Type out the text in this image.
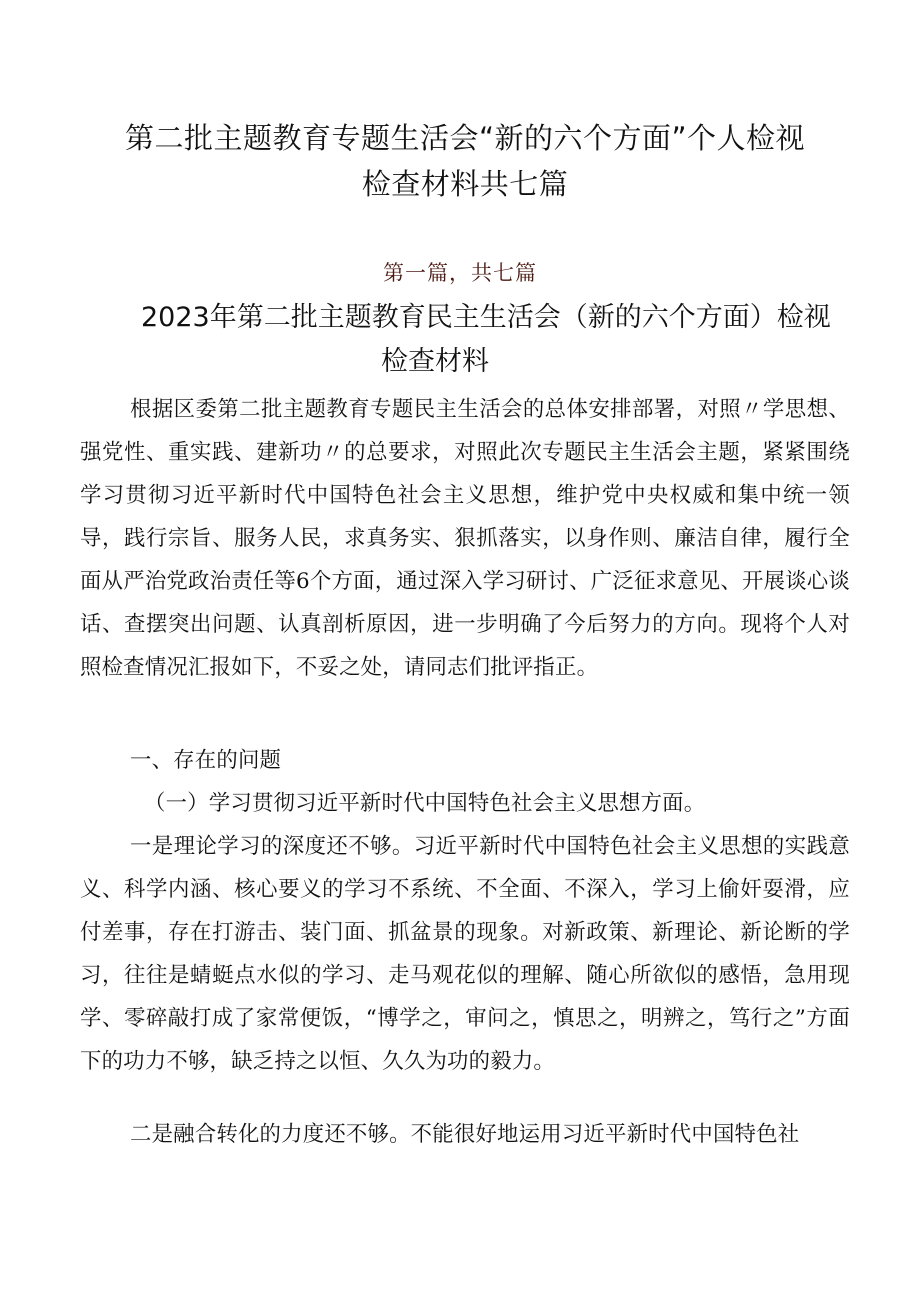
第二批主题教育专题生活会“新的六个方面”个人检视
检查材料共七篇
第一篇，共七篇
2023年第二批主题教育民主生活会（新的六个方面）检视
检查材料

根据区委第二批主题教育专题民主生活会的总体安排部署，对照〃学思想、强党性、重实践、建新功〃的总要求，对照此次专题民主生活会主题，紧紧围绕学习贯彻习近平新时代中国特色社会主义思想，维护党中央权威和集中统一领导，践行宗旨、服务人民，求真务实、狠抓落实，以身作则、廉洁自律，履行全面从严治党政治责任等6个方面，通过深入学习研讨、广泛征求意见、开展谈心谈话、查摆突出问题、认真剖析原因，进一步明确了今后努力的方向。现将个人对照检查情况汇报如下，不妥之处，请同志们批评指正。

一、存在的问题

（一）学习贯彻习近平新时代中国特色社会主义思想方面。

一是理论学习的深度还不够。习近平新时代中国特色社会主义思想的实践意义、科学内涵、核心要义的学习不系统、不全面、不深入，学习上偷奸耍滑，应付差事，存在打游击、装门面、抓盆景的现象。对新政策、新理论、新论断的学习，往往是蜻蜓点水似的学习、走马观花似的理解、随心所欲似的感悟，急用现学、零碎敲打成了家常便饭，“博学之，审问之，慎思之，明辨之，笃行之”方面下的功力不够，缺乏持之以恒、久久为功的毅力。

二是融合转化的力度还不够。不能很好地运用习近平新时代中国特色社
